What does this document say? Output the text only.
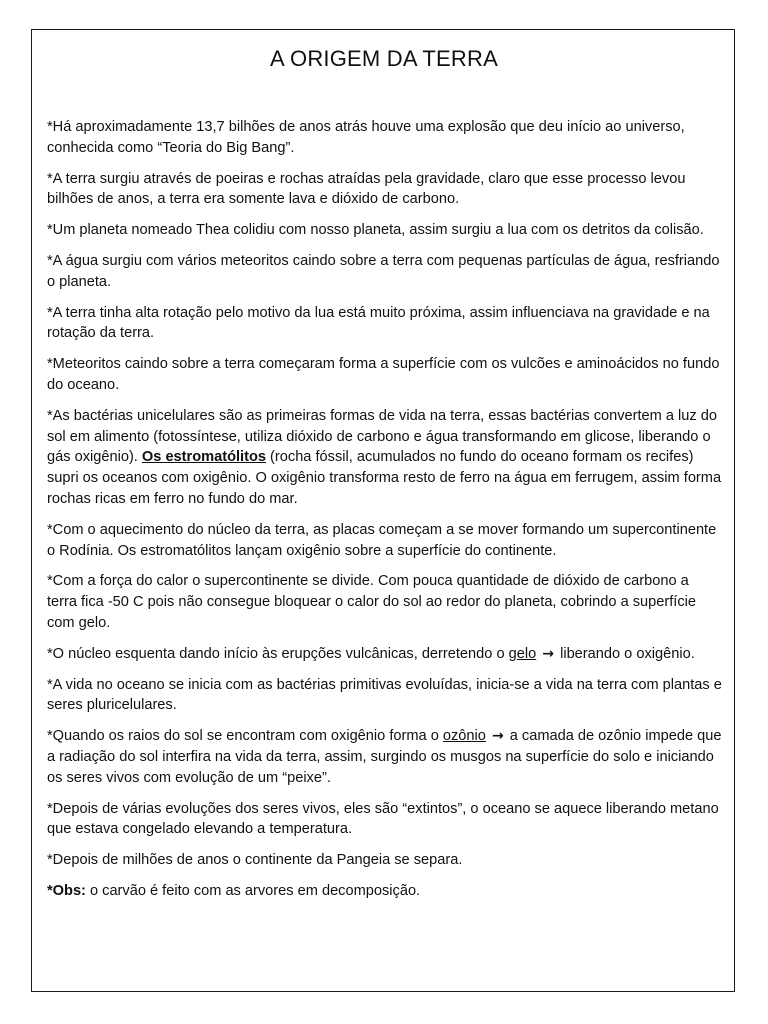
A ORIGEM DA TERRA

*Há aproximadamente 13,7 bilhões de anos atrás houve uma explosão que deu início ao universo, conhecida como “Teoria do Big Bang”.

*A terra surgiu através de poeiras e rochas atraídas pela gravidade, claro que esse processo levou bilhões de anos, a terra era somente lava e dióxido de carbono.

*Um planeta nomeado Thea colidiu com nosso planeta, assim surgiu a lua com os detritos da colisão.

*A água surgiu com vários meteoritos caindo sobre a terra com pequenas partículas de água, resfriando o planeta.

*A terra tinha alta rotação pelo motivo da lua está muito próxima, assim influenciava na gravidade e na rotação da terra.

*Meteoritos caindo sobre a terra começaram forma a superfície com os vulcões e aminoácidos no fundo do oceano.

*As bactérias unicelulares são as primeiras formas de vida na terra, essas bactérias convertem a luz do sol em alimento (fotossíntese, utiliza dióxido de carbono e água transformando em glicose, liberando o gás oxigênio). Os estromatólitos (rocha fóssil, acumulados no fundo do oceano formam os recifes) supri os oceanos com oxigênio. O oxigênio transforma resto de ferro na água em ferrugem, assim forma rochas ricas em ferro no fundo do mar.

*Com o aquecimento do núcleo da terra, as placas começam a se mover formando um supercontinente o Rodínia. Os estromatólitos lançam oxigênio sobre a superfície do continente.

*Com a força do calor o supercontinente se divide. Com pouca quantidade de dióxido de carbono a terra fica -50 C pois não consegue bloquear o calor do sol ao redor do planeta, cobrindo a superfície com gelo.

*O núcleo esquenta dando início às erupções vulcânicas, derretendo o gelo → liberando o oxigênio.

*A vida no oceano se inicia com as bactérias primitivas evoluídas, inicia-se a vida na terra com plantas e seres pluricelulares.

*Quando os raios do sol se encontram com oxigênio forma o ozônio → a camada de ozônio impede que a radiação do sol interfira na vida da terra, assim, surgindo os musgos na superfície do solo e iniciando os seres vivos com evolução de um “peixe”.

*Depois de várias evoluções dos seres vivos, eles são “extintos”, o oceano se aquece liberando metano que estava congelado elevando a temperatura.

*Depois de milhões de anos o continente da Pangeia se separa.

*Obs: o carvão é feito com as arvores em decomposição.
